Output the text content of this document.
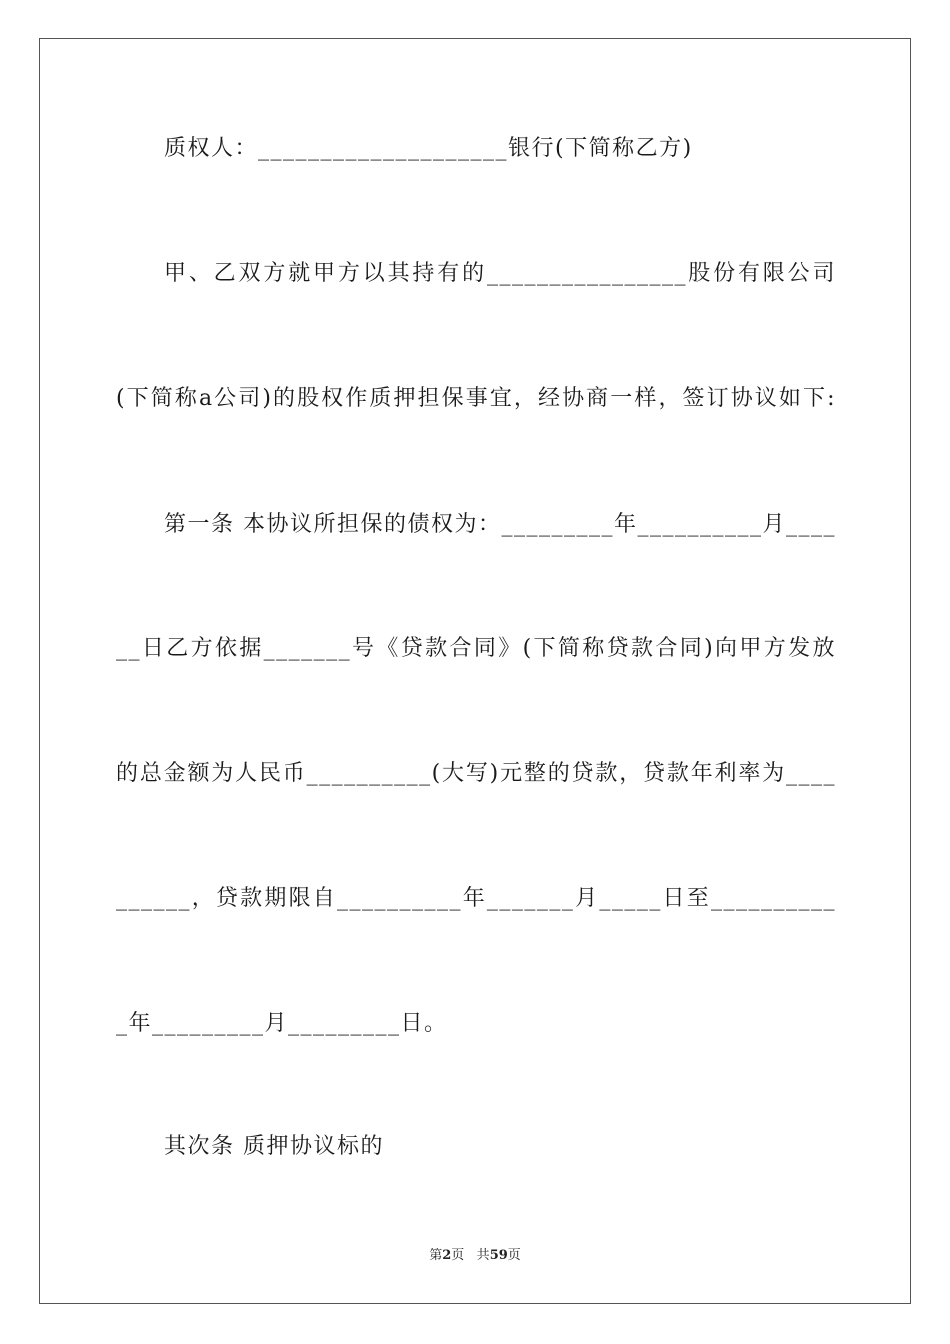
质权人：____________________银行(下简称乙方)
甲、乙双方就甲方以其持有的________________股份有限公司
(下简称a公司)的股权作质押担保事宜，经协商一样，签订协议如下:
第一条 本协议所担保的债权为：_________年__________月____
__日乙方依据_______号《贷款合同》(下简称贷款合同)向甲方发放
的总金额为人民币__________(大写)元整的贷款，贷款年利率为____
______，贷款期限自__________年_______月_____日至__________
_年_________月_________日。
其次条 质押协议标的
第2页 共59页
